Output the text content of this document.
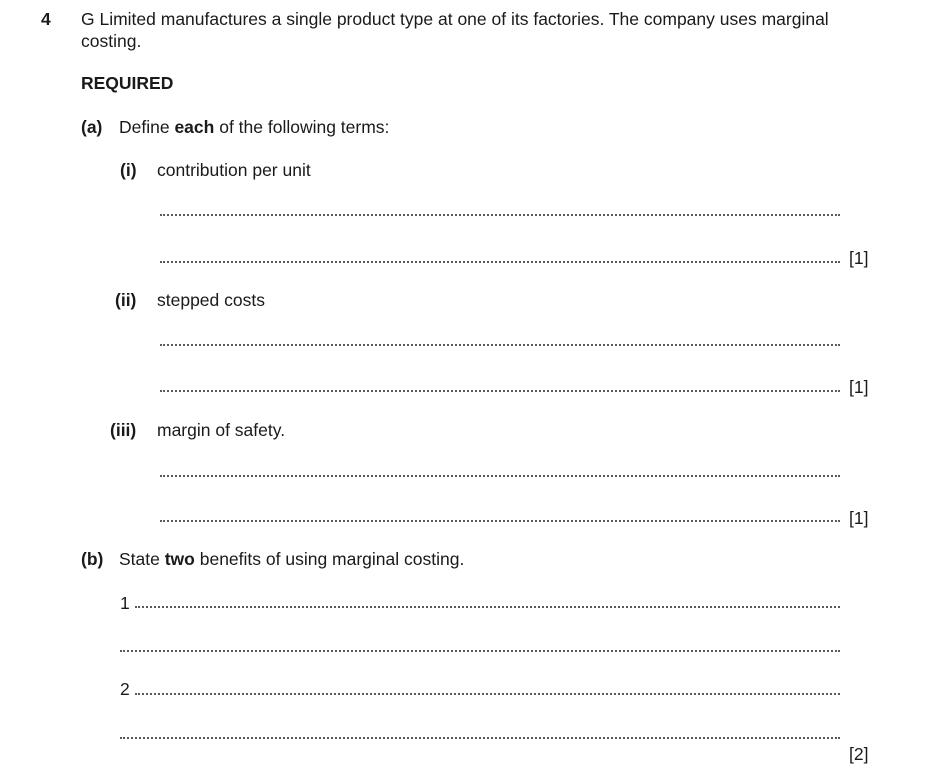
4 G Limited manufactures a single product type at one of its factories. The company uses marginal
costing.
REQUIRED
(a) Define each of the following terms:
(i) contribution per unit
[1]
(ii) stepped costs
[1]
(iii) margin of safety.
[1]
(b) State two benefits of using marginal costing.
1
2
[2]
